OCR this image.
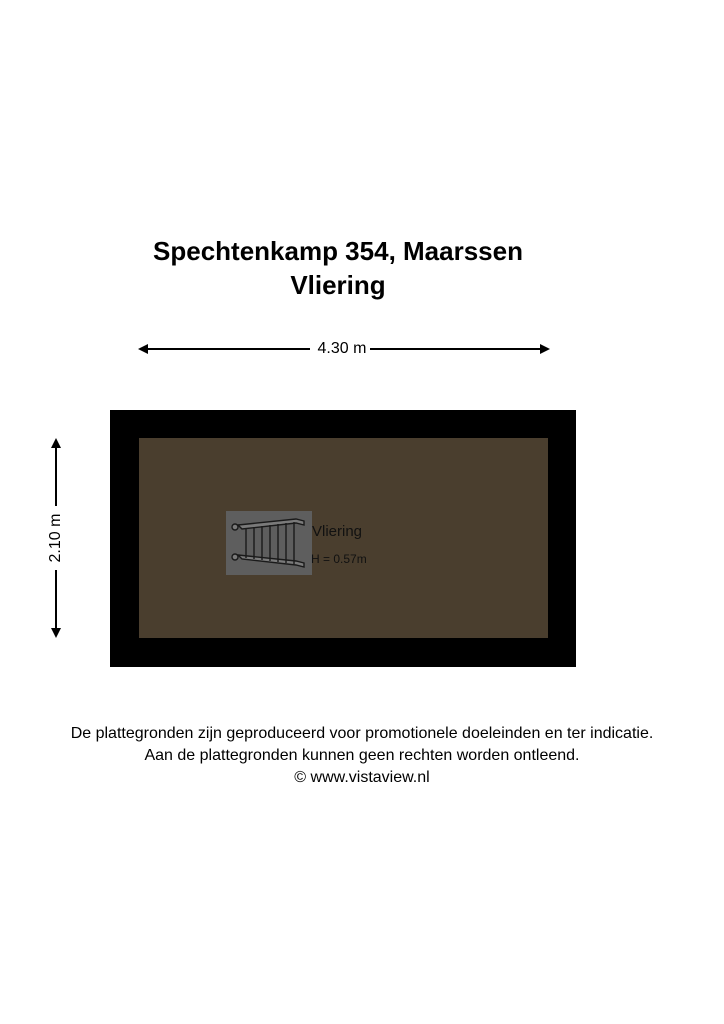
Spechtenkamp 354, Maarssen
Vliering
4.30 m
2.10 m	Vliering
H = 0.57m
De plattegronden zijn geproduceerd voor promotionele doeleinden en ter indicatie.
Aan de plattegronden kunnen geen rechten worden ontleend.
© www.vistaview.nl
